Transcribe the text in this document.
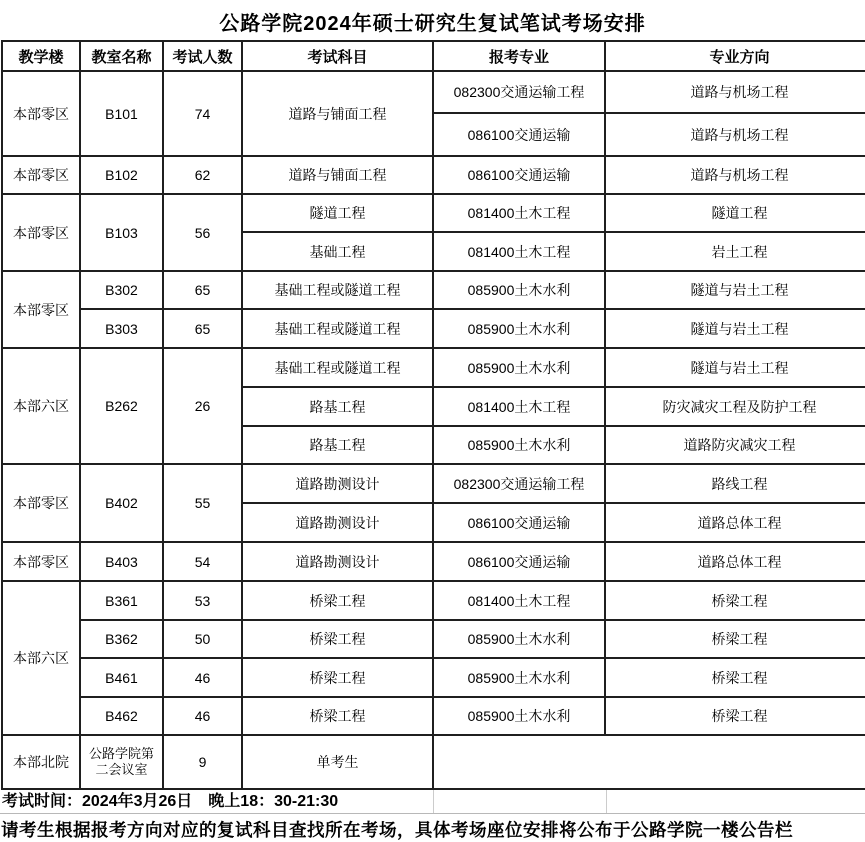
公路学院2024年硕士研究生复试笔试考场安排
教学楼	教室名称	考试人数	考试科目	报考专业	专业方向
本部零区	B101	74	道路与铺面工程	082300交通运输工程	道路与机场工程
				086100交通运输	道路与机场工程
本部零区	B102	62	道路与铺面工程	086100交通运输	道路与机场工程
本部零区	B103	56	隧道工程	081400土木工程	隧道工程
			基础工程	081400土木工程	岩土工程
本部零区	B302	65	基础工程或隧道工程	085900土木水利	隧道与岩土工程
	B303	65	基础工程或隧道工程	085900土木水利	隧道与岩土工程
本部六区	B262	26	基础工程或隧道工程	085900土木水利	隧道与岩土工程
			路基工程	081400土木工程	防灾减灾工程及防护工程
			路基工程	085900土木水利	道路防灾减灾工程
本部零区	B402	55	道路勘测设计	082300交通运输工程	路线工程
			道路勘测设计	086100交通运输	道路总体工程
本部零区	B403	54	道路勘测设计	086100交通运输	道路总体工程
本部六区	B361	53	桥梁工程	081400土木工程	桥梁工程
	B362	50	桥梁工程	085900土木水利	桥梁工程
	B461	46	桥梁工程	085900土木水利	桥梁工程
	B462	46	桥梁工程	085900土木水利	桥梁工程
本部北院	公路学院第二会议室	9	单考生		
考试时间：2024年3月26日　晚上18：30-21:30
请考生根据报考方向对应的复试科目查找所在考场，具体考场座位安排将公布于公路学院一楼公告栏
